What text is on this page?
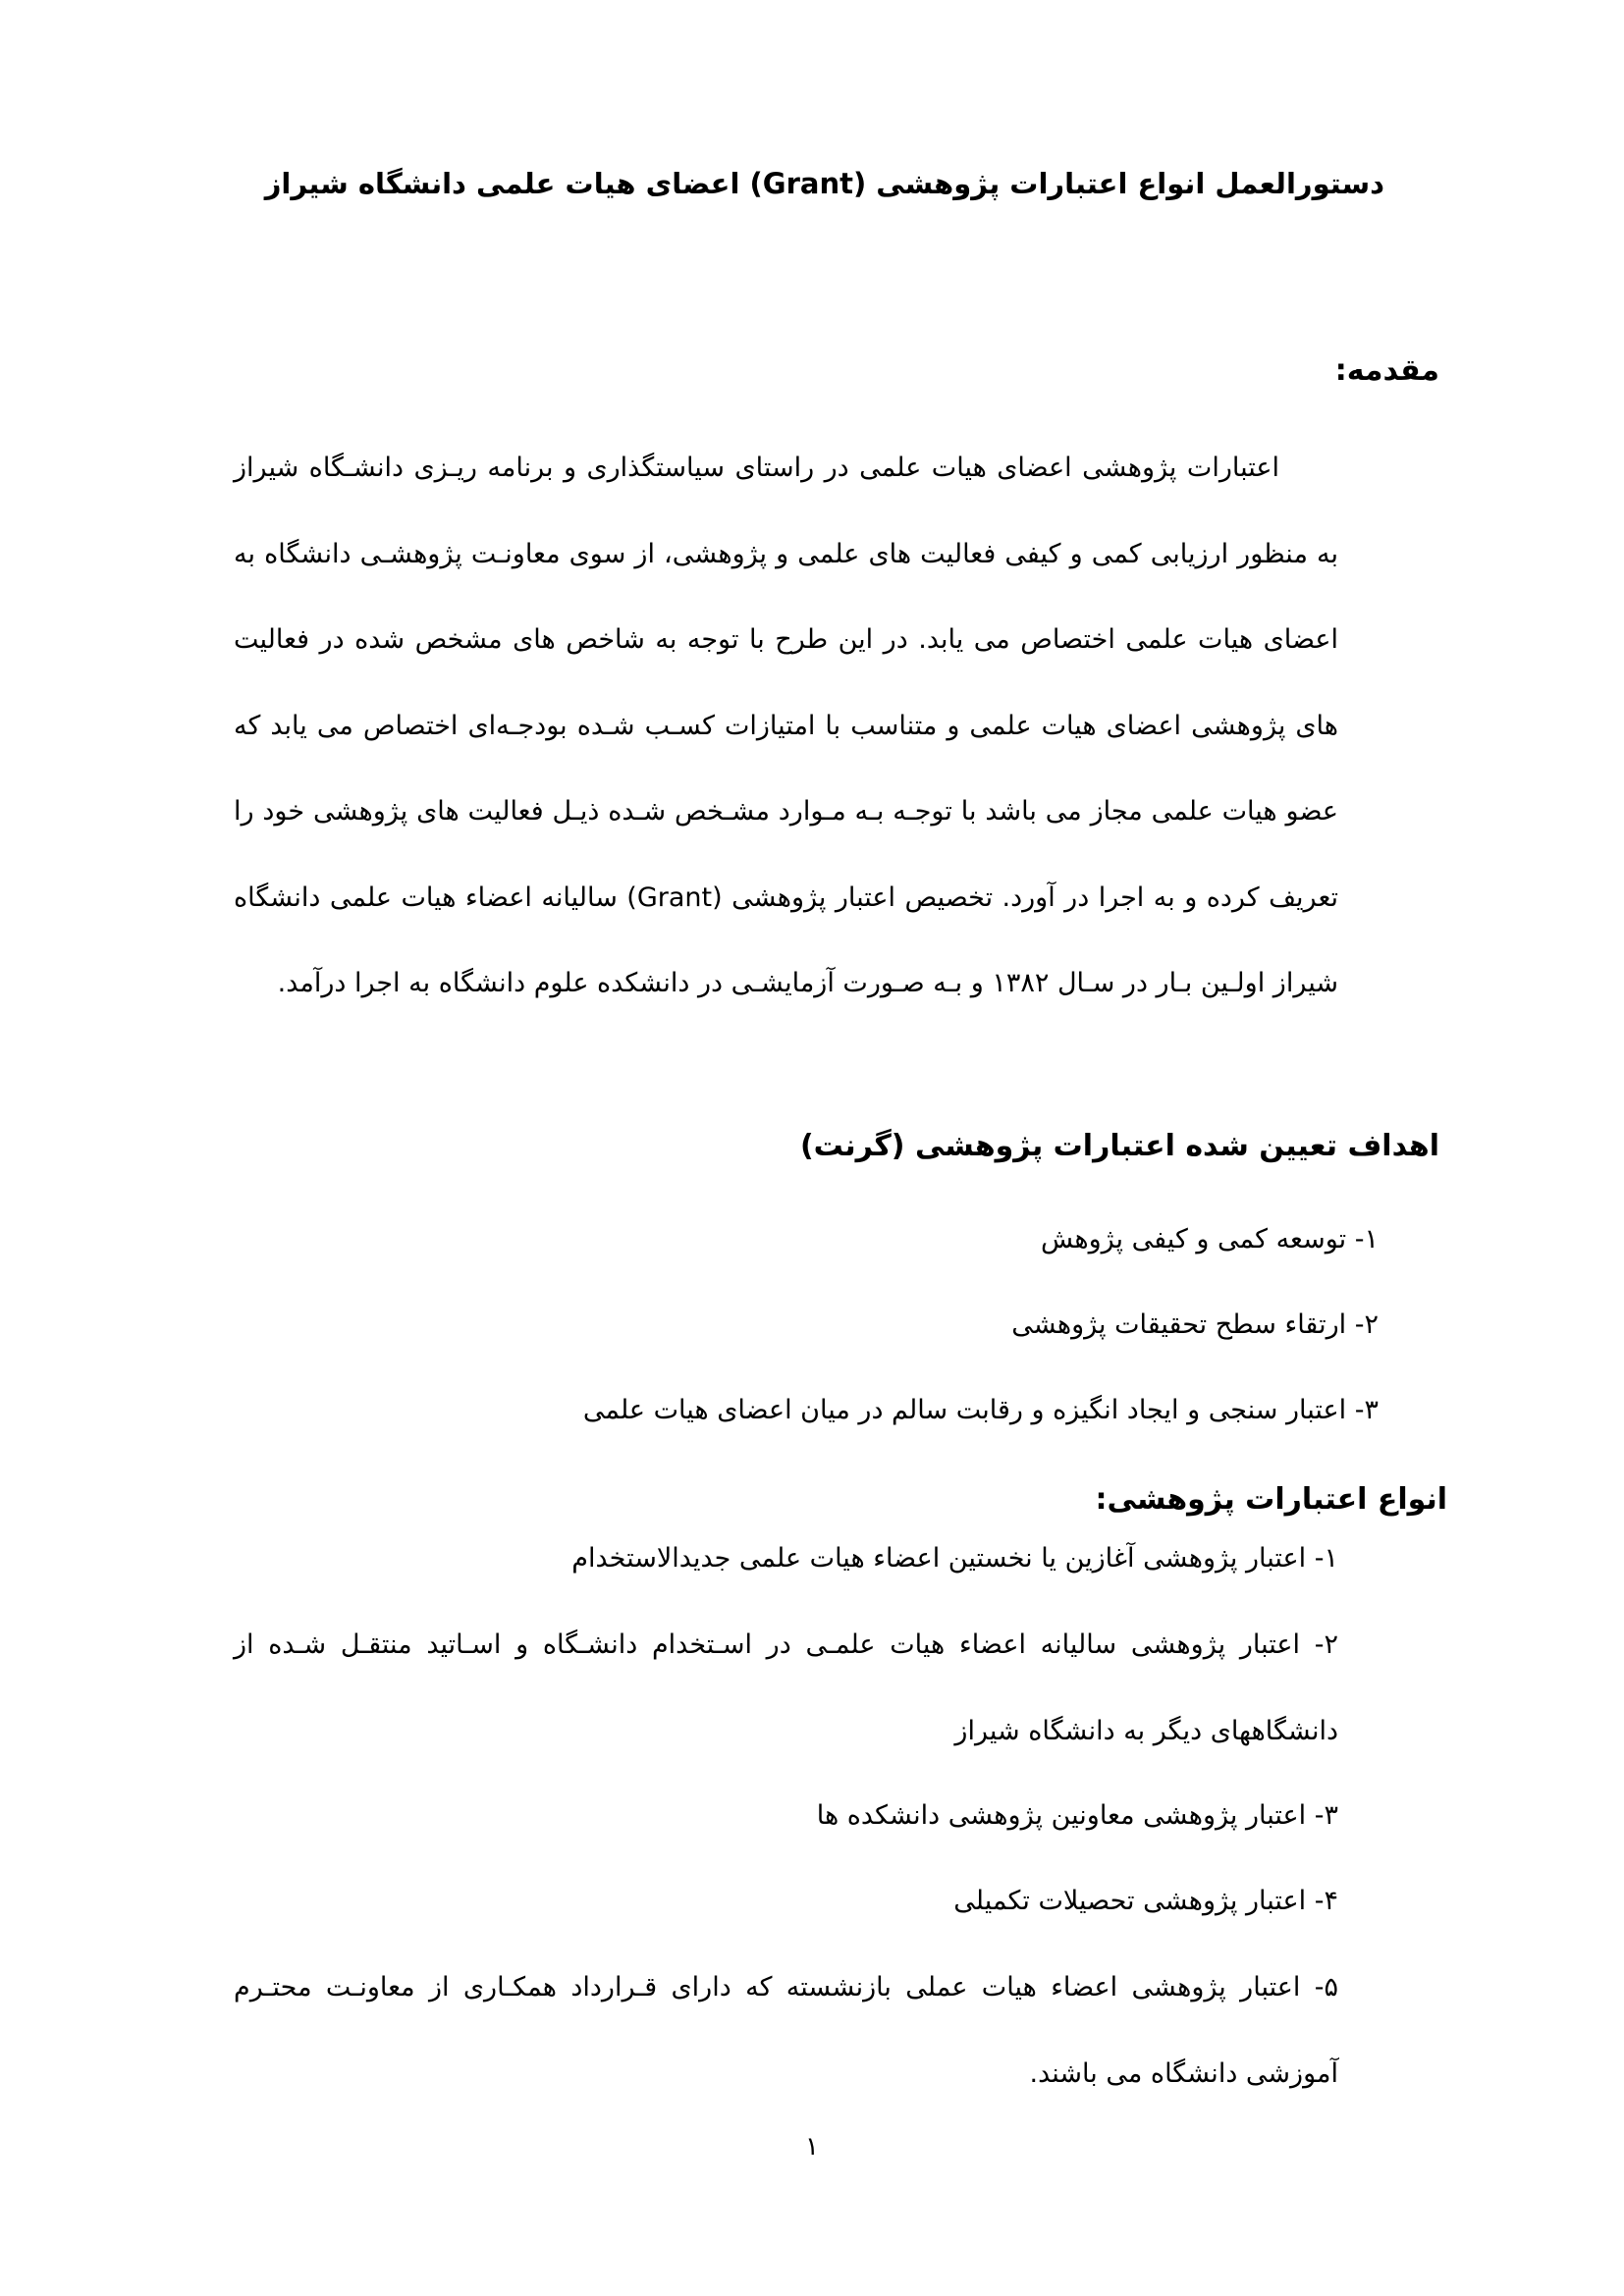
دستورالعمل انواع اعتبارات پژوهشی (Grant) اعضای هیات علمی دانشگاه شیراز
مقدمه:
اعتبارات پژوهشی اعضای هیات علمی در راستای سیاستگذاری و برنامه ریـزی دانشـگاه شیراز به منظور ارزیابی کمی و کیفی فعالیت های علمی و پژوهشی، از سوی معاونـت پژوهشـی دانشگاه به اعضای هیات علمی اختصاص می یابد. در این طرح با توجه به شاخص های مشخص شده در فعالیت های پژوهشی اعضای هیات علمی و متناسب با امتیازات کسـب شـده بودجـه‌ای اختصاص می یابد که عضو هیات علمی مجاز می باشد با توجـه بـه مـوارد مشـخص شـده ذیـل فعالیت های پژوهشی خود را تعریف کرده و به اجرا در آورد. تخصیص اعتبار پژوهشی (Grant) سالیانه اعضاء هیات علمی دانشگاه شیراز اولـین بـار در سـال ۱۳۸۲ و بـه صـورت آزمایشـی در دانشکده علوم دانشگاه به اجرا درآمد.
اهداف تعیین شده اعتبارات پژوهشی (گرنت)
۱- توسعه کمی و کیفی پژوهش
۲- ارتقاء سطح تحقیقات پژوهشی
۳- اعتبار سنجی و ایجاد انگیزه و رقابت سالم در میان اعضای هیات علمی
انواع اعتبارات پژوهشی:
۱- اعتبار پژوهشی آغازین یا نخستین اعضاء هیات علمی جدیدالاستخدام
۲- اعتبار پژوهشی سالیانه اعضاء هیات علمـی در اسـتخدام دانشـگاه و اسـاتید منتقـل شـده از دانشگاههای دیگر به دانشگاه شیراز
۳- اعتبار پژوهشی معاونین پژوهشی دانشکده ها
۴- اعتبار پژوهشی تحصیلات تکمیلی
۵- اعتبار پژوهشی اعضاء هیات عملی بازنشسته که دارای قـرارداد همکـاری از معاونـت محتـرم آموزشی دانشگاه می باشند.
۱
